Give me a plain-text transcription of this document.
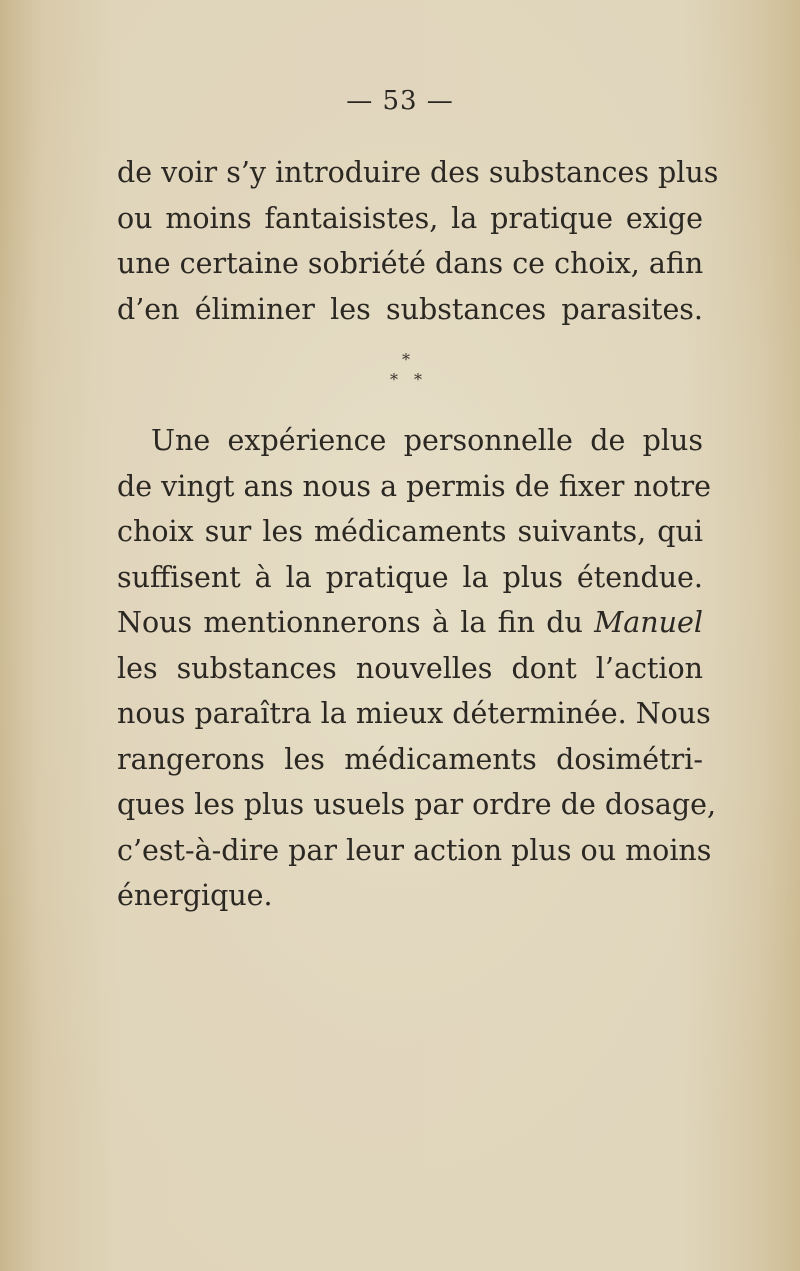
— 53 —
de voir s’y introduire des substances plus
ou moins fantaisistes, la pratique exige
une certaine sobriété dans ce choix, afin
d’en éliminer les substances parasites.
*
* *
Une expérience personnelle de plus
de vingt ans nous a permis de fixer notre
choix sur les médicaments suivants, qui
suffisent à la pratique la plus étendue.
Nous mentionnerons à la fin du Manuel
les substances nouvelles dont l’action
nous paraîtra la mieux déterminée. Nous
rangerons les médicaments dosimétri-
ques les plus usuels par ordre de dosage,
c’est-à-dire par leur action plus ou moins
énergique.
